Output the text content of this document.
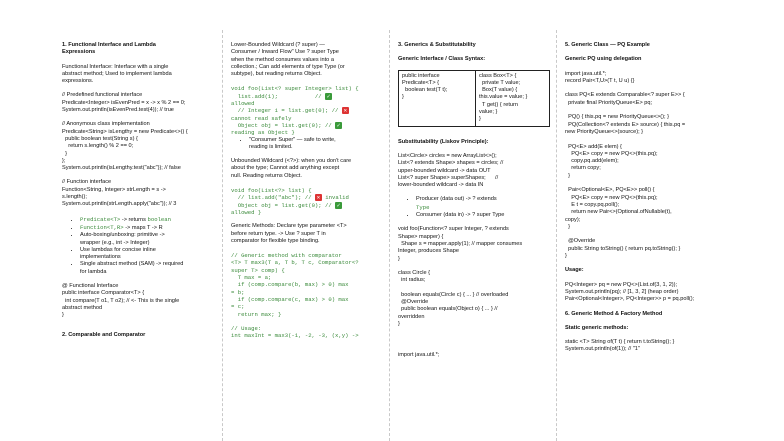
1. Functional Interface and Lambda
Expressions
Functional Interface: Interface with a single
abstract method; Used to implement lambda
expressions.
// Predefined functional interface
Predicate<Integer> isEvenPred = x -> x % 2 == 0;
System.out.println(isEvenPred.test(4)); // true
// Anonymous class implementation
Predicate<String> isLengthy = new Predicate<>() {
public boolean test(String s) {
return s.length() % 2 == 0;
}
};
System.out.println(isLengthy.test("abc")); // false
// Function interface
Function<String, Integer> strLength = s ->
s.length();
System.out.println(strLength.apply("abc")); // 3
• Predicate<T> -> returns boolean
• Function<T,R> -> maps T -> R
• Auto-boxing/unboxing: primitive ->
wrapper (e.g., int -> Integer)
• Use lambdas for concise inline
implementations
• Single abstract method (SAM) -> required
for lambda
@ Functional Interface
public interface Comparator<T> {
int compare(T o1, T o2); // <- This is the single
abstract method
}
2. Comparable and Comparator
Lower-Bounded Wildcard (? super) —
Consumer / Inward Flow" Use ? super Type
when the method consumes values into a
collection.; Can add elements of type Type (or
subtype), but reading returns Object.
void foo(List<? super Integer> list) {
list.add(1);           // ✓
allowed
// Integer i = list.get(0); // ✕
cannot read safely
Object obj = list.get(0); // ✓
reading as Object }
• "Consumer Super" — safe to write,
reading is limited.
Unbounded Wildcard (<?>): when you don't care
about the type; Cannot add anything except
null. Reading returns Object.
void foo(List<?> list) {
// list.add("abc"); // ✕ invalid
Object obj = list.get(0); // ✓
allowed }
Generic Methods: Declare type parameter <T>
before return type. -> Use ? super T in
comparator for flexible type binding.
// Generic method with comparator
<T> T max3(T a, T b, T c, Comparator<?
super T> comp) {
T max = a;
if (comp.compare(b, max) > 0) max
= b;
if (comp.compare(c, max) > 0) max
= c;
return max; }
// Usage:
int maxInt = max3(-1, -2, -3, (x,y) ->
3. Generics & Substitutability
Generic Interface / Class Syntax:
public interface
Predicate<T> {
boolean test(T t);
}
class Box<T> {
private T value;
Box(T value) {
this.value = value; }
T get() { return
value; }
}
Substitutability (Liskov Principle):
List<Circle> circles = new ArrayList<>();
List<? extends Shape> shapes = circles; //
upper-bounded wildcard -> data OUT
List<? super Shape> superShapes;      //
lower-bounded wildcard -> data IN
• Producer (data out) -> ? extends
Type
• Consumer (data in) -> ? super Type
void foo(Function<? super Integer, ? extends
Shape> mapper) {
Shape s = mapper.apply(1); // mapper consumes
Integer, produces Shape
}
class Circle {
int radius;
boolean equals(Circle c) { ... } // overloaded
@Override
public boolean equals(Object o) { ... } //
overridden
}
import java.util.*;
5. Generic Class — PQ Example
Generic PQ using delegation
import java.util.*;
record Pair<T,U>(T t, U u) {}
class PQ<E extends Comparable<? super E>> {
private final PriorityQueue<E> pq;
PQ() { this.pq = new PriorityQueue<>(); }
PQ(Collection<? extends E> source) { this.pq =
new PriorityQueue<>(source); }
PQ<E> add(E elem) {
PQ<E> copy = new PQ<>(this.pq);
copy.pq.add(elem);
return copy;
}
Pair<Optional<E>, PQ<E>> poll() {
PQ<E> copy = new PQ<>(this.pq);
E t = copy.pq.poll();
return new Pair<>(Optional.ofNullable(t),
copy);
}
@Override
public String toString() { return pq.toString(); }
}
Usage:
PQ<Integer> pq = new PQ<>(List.of(3, 1, 2));
System.out.println(pq); // [1, 3, 2] (heap order)
Pair<Optional<Integer>, PQ<Integer>> p = pq.poll();
6. Generic Method & Factory Method
Static generic methods:
static <T> String of(T t) { return t.toString(); }
System.out.println(of(1)); // "1"
